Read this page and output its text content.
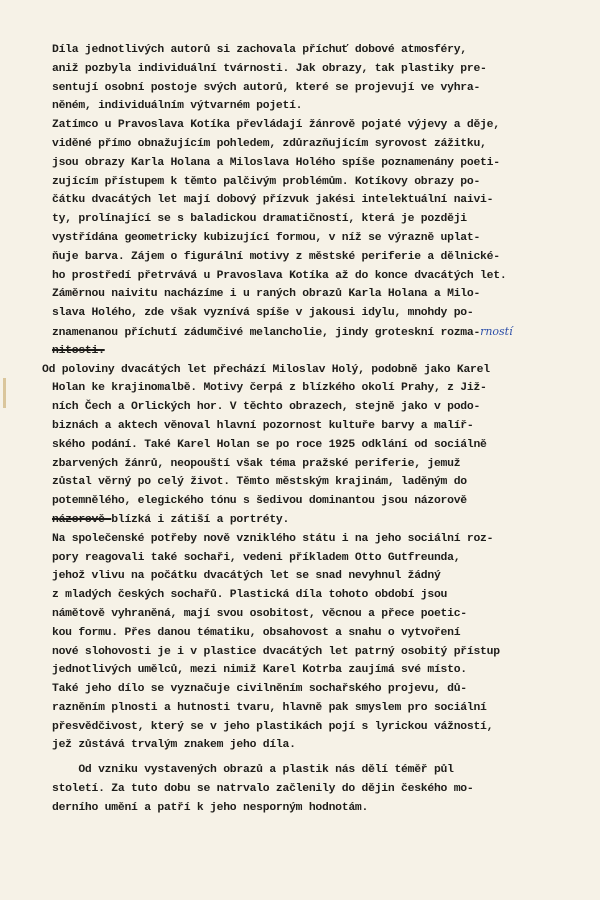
Díla jednotlivých autorů si zachovala příchuť dobové atmosféry,
aniž pozbyla individuální tvárnosti. Jak obrazy, tak plastiky pre-
sentují osobní postoje svých autorů, které se projevují ve vyhra-
něném, individuálním výtvarném pojetí.
Zatímco u Pravoslava Kotíka převládají žánrově pojaté výjevy a děje,
viděné přímo obnažujícím pohledem, zdůrazňujícím syrovost zážitku,
jsou obrazy Karla Holana a Miloslava Holého spíše poznamenány poeti-
zujícím přístupem k těmto palčivým problémům. Kotíkovy obrazy po-
čátku dvacátých let mají dobový přízvuk jakési intelektuální naivi-
ty, prolínající se s baladickou dramatičností, která je později
vystřídána geometricky kubizující formou, v níž se výrazně uplat-
ňuje barva. Zájem o figurální motivy z městské periferie a dělnické-
ho prostředí přetrvává u Pravoslava Kotíka až do konce dvacátých let.
Záměrnou naivitu nacházíme i u raných obrazů Karla Holana a Milo-
slava Holého, zde však vyznívá spíše v jakousi idylu, mnohdy po-
znamenanou příchutí zádumčivé melancholie, jindy groteskní rozma-rností
nitosti.
Od poloviny dvacátých let přechází Miloslav Holý, podobně jako Karel
Holan ke krajinomalbě. Motivy čerpá z blízkého okolí Prahy, z Již-
ních Čech a Orlických hor. V těchto obrazech, stejně jako v podo-
biznách a aktech věnoval hlavní pozornost kultuře barvy a malíř-
ského podání. Také Karel Holan se po roce 1925 odklání od sociálně
zbarvených žánrů, neopouští však téma pražské periferie, jemuž
zůstal věrný po celý život. Těmto městským krajinám, laděným do
potemnělého, elegického tónu s šedivou dominantou jsou názorově
názorově blízká i zátiší a portréty.
Na společenské potřeby nově vzniklého státu i na jeho sociální roz-
pory reagovali také sochaři, vedeni příkladem Otto Gutfreunda,
jehož vlivu na počátku dvacátých let se snad nevyhnul žádný
z mladých českých sochařů. Plastická díla tohoto období jsou
námětově vyhraněná, mají svou osobitost, věcnou a přece poetic-
kou formu. Přes danou tématiku, obsahovost a snahu o vytvoření
nové slohovosti je i v plastice dvacátých let patrný osobitý přístup
jednotlivých umělců, mezi nimiž Karel Kotrba zaujímá své místo.
Také jeho dílo se vyznačuje civilněním sochařského projevu, dů-
razněním plnosti a hutnosti tvaru, hlavně pak smyslem pro sociální
přesvědčivost, který se v jeho plastikách pojí s lyrickou vážností,
jež zůstává trvalým znakem jeho díla.
Od vzniku vystavených obrazů a plastik nás dělí téměř půl
století. Za tuto dobu se natrvalo začlenily do dějin českého mo-
derního umění a patří k jeho nesporným hodnotám.
